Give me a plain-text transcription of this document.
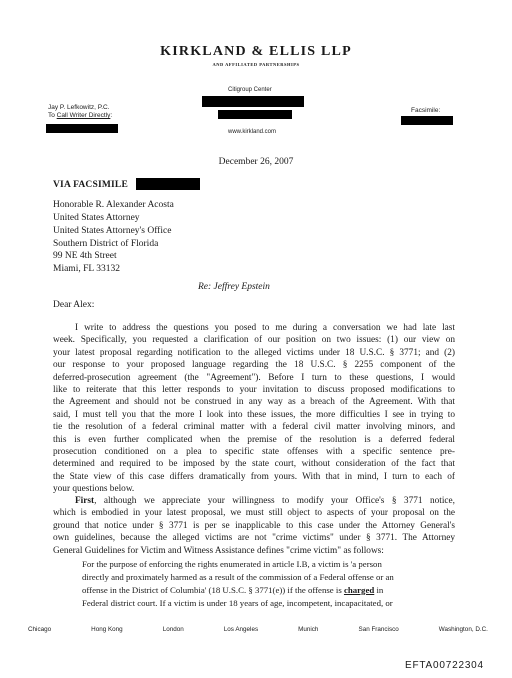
KIRKLAND & ELLIS LLP
AND AFFILIATED PARTNERSHIPS
Citigroup Center
www.kirkland.com
Jay P. Lefkowitz, P.C.
To Call Writer Directly:
Facsimile:
December 26, 2007
VIA FACSIMILE
Honorable R. Alexander Acosta
United States Attorney
United States Attorney's Office
Southern District of Florida
99 NE 4th Street
Miami, FL 33132
Re: Jeffrey Epstein
Dear Alex:
I write to address the questions you posed to me during a conversation we had late last
week. Specifically, you requested a clarification of our position on two issues: (1) our view on
your latest proposal regarding notification to the alleged victims under 18 U.S.C. § 3771; and (2)
our response to your proposed language regarding the 18 U.S.C. § 2255 component of the
deferred-prosecution agreement (the "Agreement"). Before I turn to these questions, I would
like to reiterate that this letter responds to your invitation to discuss proposed modifications to
the Agreement and should not be construed in any way as a breach of the Agreement. With that
said, I must tell you that the more I look into these issues, the more difficulties I see in trying to
tie the resolution of a federal criminal matter with a federal civil matter involving minors, and
this is even further complicated when the premise of the resolution is a deferred federal
prosecution conditioned on a plea to specific state offenses with a specific sentence pre-
determined and required to be imposed by the state court, without consideration of the fact that
the State view of this case differs dramatically from yours. With that in mind, I turn to each of
your questions below.
First, although we appreciate your willingness to modify your Office's § 3771 notice,
which is embodied in your latest proposal, we must still object to aspects of your proposal on the
ground that notice under § 3771 is per se inapplicable to this case under the Attorney General's
own guidelines, because the alleged victims are not "crime victims" under § 3771. The Attorney
General Guidelines for Victim and Witness Assistance defines "crime victim" as follows:
For the purpose of enforcing the rights enumerated in article I.B, a victim is 'a person
directly and proximately harmed as a result of the commission of a Federal offense or an
offense in the District of Columbia' (18 U.S.C. § 3771(e)) if the offense is charged in
Federal district court. If a victim is under 18 years of age, incompetent, incapacitated, or
Chicago	Hong Kong	London	Los Angeles	Munich	San Francisco	Washington, D.C.
EFTA00722304
